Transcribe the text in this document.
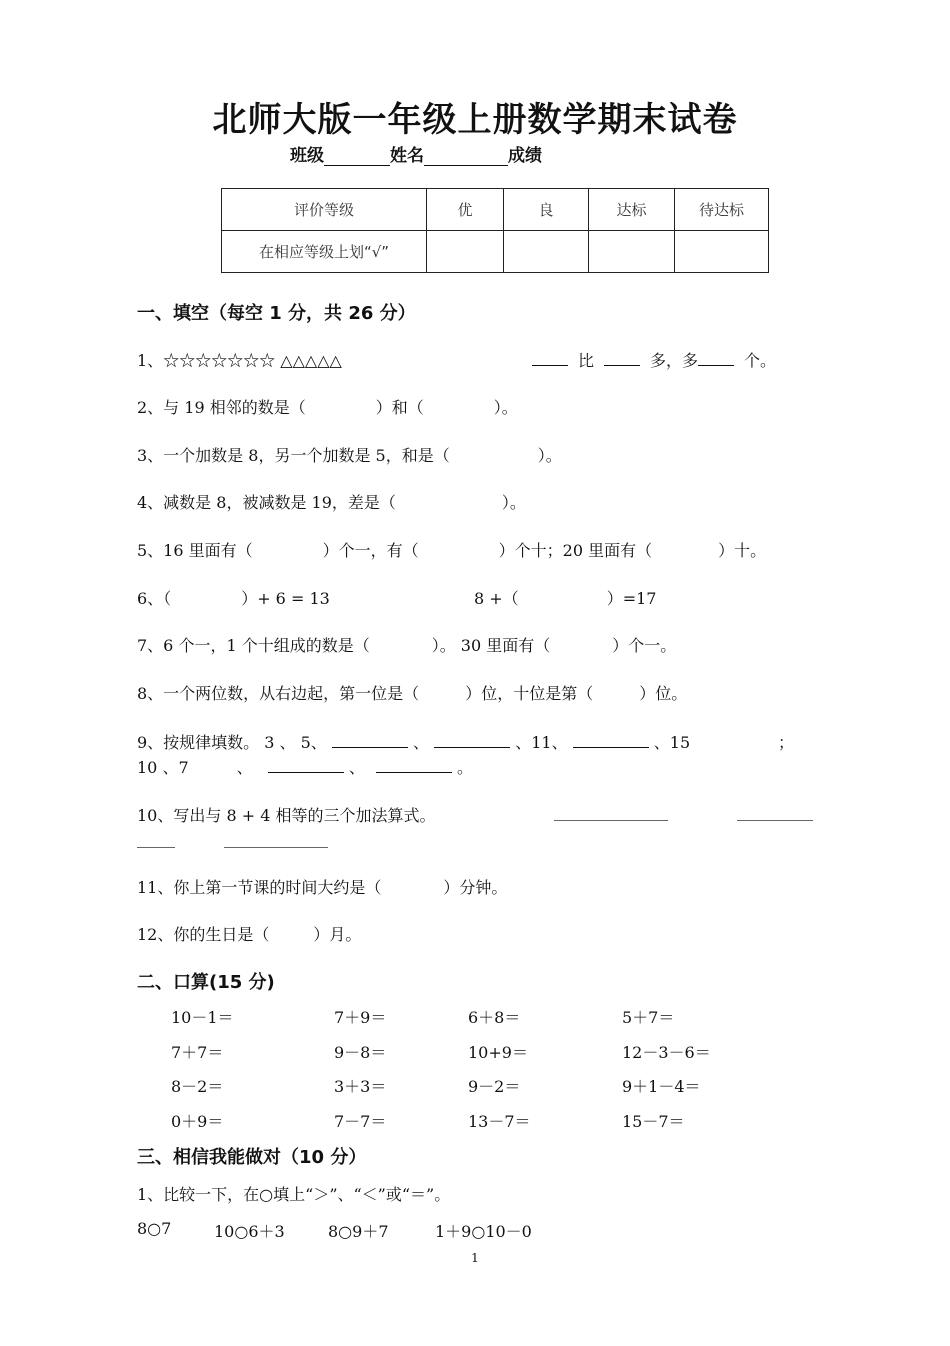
北师大版一年级上册数学期末试卷
班级	姓名	成绩
评价等级	优	良	达标	待达标
在相应等级上划“√”				
一、填空（每空 1 分，共 26 分）
1、☆☆☆☆☆☆☆ △△△△△	比	多，多	个。
2、与 19 相邻的数是（	）和（	）。
3、一个加数是 8，另一个加数是 5，和是（	）。
4、减数是 8，被减数是 19，差是（	）。
5、16 里面有（	）个一，有（	）个十；20 里面有（	）十。
6、（	）+ 6 = 13	8 +（	）=17
7、6 个一，1 个十组成的数是（	）。 30 里面有（	）个一。
8、一个两位数，从右边起，第一位是（	）位，十位是第（	）位。
9、按规律填数。 3 、 5、	、	、11、	、15	；
10 、7	、	、	。
10、写出与 8 + 4 相等的三个加法算式。
11、你上第一节课的时间大约是（	）分钟。
12、你的生日是（	）月。
二、口算(15 分)
10－1＝	7＋9＝	6＋8＝	5＋7＝
7＋7＝	9－8＝	10+9＝	12－3－6＝
8－2＝	3＋3＝	9－2＝	9＋1－4＝
0＋9＝	7－7＝	13－7＝	15－7＝
三、相信我能做对（10 分）
1、比较一下，在○填上“＞”、“＜”或“＝”。
8○7	10○6＋3	8○9＋7	1＋9○10－0
1
